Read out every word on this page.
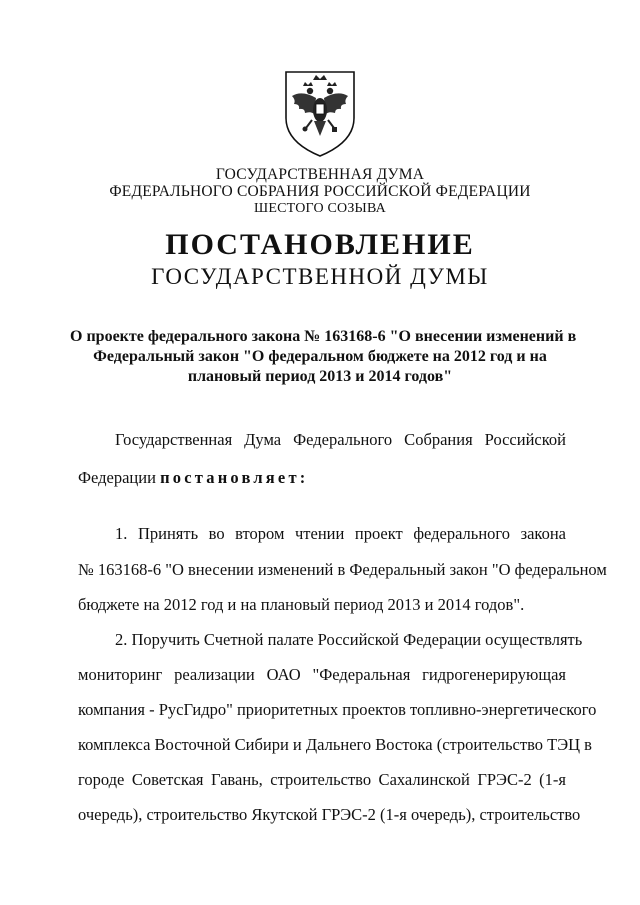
ГОСУДАРСТВЕННАЯ ДУМА
ФЕДЕРАЛЬНОГО СОБРАНИЯ РОССИЙСКОЙ ФЕДЕРАЦИИ
ШЕСТОГО СОЗЫВА
ПОСТАНОВЛЕНИЕ
ГОСУДАРСТВЕННОЙ ДУМЫ
О проекте федерального закона № 163168-6 "О внесении изменений в
Федеральный закон "О федеральном бюджете на 2012 год и на
плановый период 2013 и 2014 годов"
Государственная Дума Федерального Собрания Российской
Федерации постановляет:
1. Принять во втором чтении проект федерального закона
№ 163168-6 "О внесении изменений в Федеральный закон "О федеральном
бюджете на 2012 год и на плановый период 2013 и 2014 годов".
2. Поручить Счетной палате Российской Федерации осуществлять
мониторинг реализации ОАО "Федеральная гидрогенерирующая
компания - РусГидро" приоритетных проектов топливно-энергетического
комплекса Восточной Сибири и Дальнего Востока (строительство ТЭЦ в
городе Советская Гавань, строительство Сахалинской ГРЭС-2 (1-я
очередь), строительство Якутской ГРЭС-2 (1-я очередь), строительство
